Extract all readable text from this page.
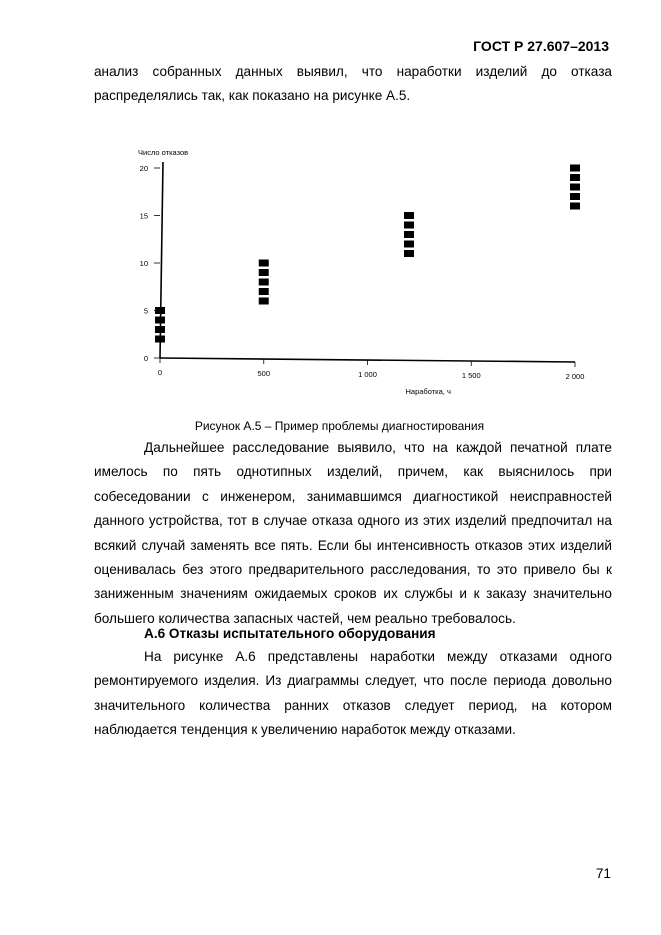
ГОСТ Р 27.607–2013

анализ собранных данных выявил, что наработки изделий до отказа распределялись так, как показано на рисунке А.5.

0
5
10
15
20
0	500	1 000	1 500	2 000
Число отказов
Наработка, ч
Рисунок А.5 – Пример проблемы диагностирования

Дальнейшее расследование выявило, что на каждой печатной плате имелось по пять однотипных изделий, причем, как выяснилось при собеседовании с инженером, занимавшимся диагностикой неисправностей данного устройства, тот в случае отказа одного из этих изделий предпочитал на всякий случай заменять все пять. Если бы интенсивность отказов этих изделий оценивалась без этого предварительного расследования, то это привело бы к заниженным значениям ожидаемых сроков их службы и к заказу значительно большего количества запасных частей, чем реально требовалось.

А.6 Отказы испытательного оборудования

На рисунке А.6 представлены наработки между отказами одного ремонтируемого изделия. Из диаграммы следует, что после периода довольно значительного количества ранних отказов следует период, на котором наблюдается тенденция к увеличению наработок между отказами.

71
